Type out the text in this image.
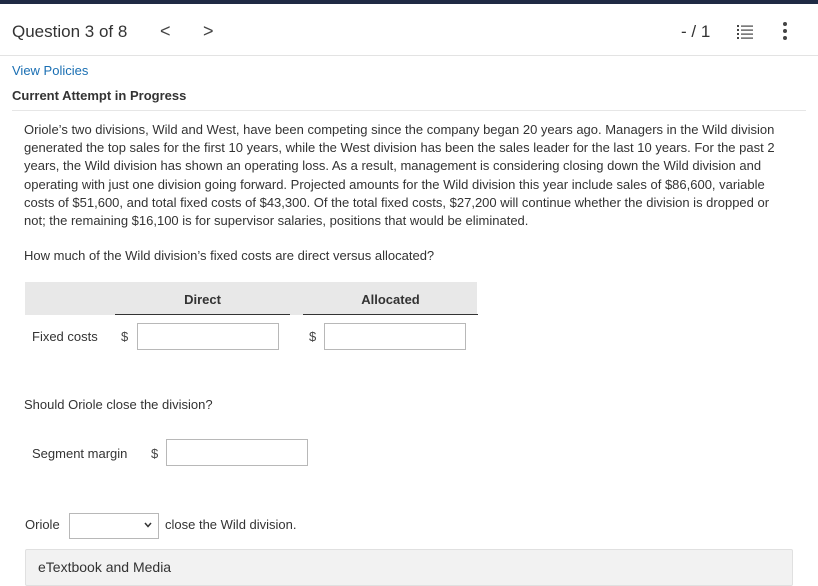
Question 3 of 8 < >	- / 1
View Policies
Current Attempt in Progress
Oriole’s two divisions, Wild and West, have been competing since the company began 20 years ago. Managers in the Wild division generated the top sales for the first 10 years, while the West division has been the sales leader for the last 10 years. For the past 2 years, the Wild division has shown an operating loss. As a result, management is considering closing down the Wild division and operating with just one division going forward. Projected amounts for the Wild division this year include sales of $86,600, variable costs of $51,600, and total fixed costs of $43,300. Of the total fixed costs, $27,200 will continue whether the division is dropped or not; the remaining $16,100 is for supervisor salaries, positions that would be eliminated.
How much of the Wild division’s fixed costs are direct versus allocated?
Direct	Allocated
Fixed costs $	$
Should Oriole close the division?
Segment margin $
Oriole	close the Wild division.
eTextbook and Media
